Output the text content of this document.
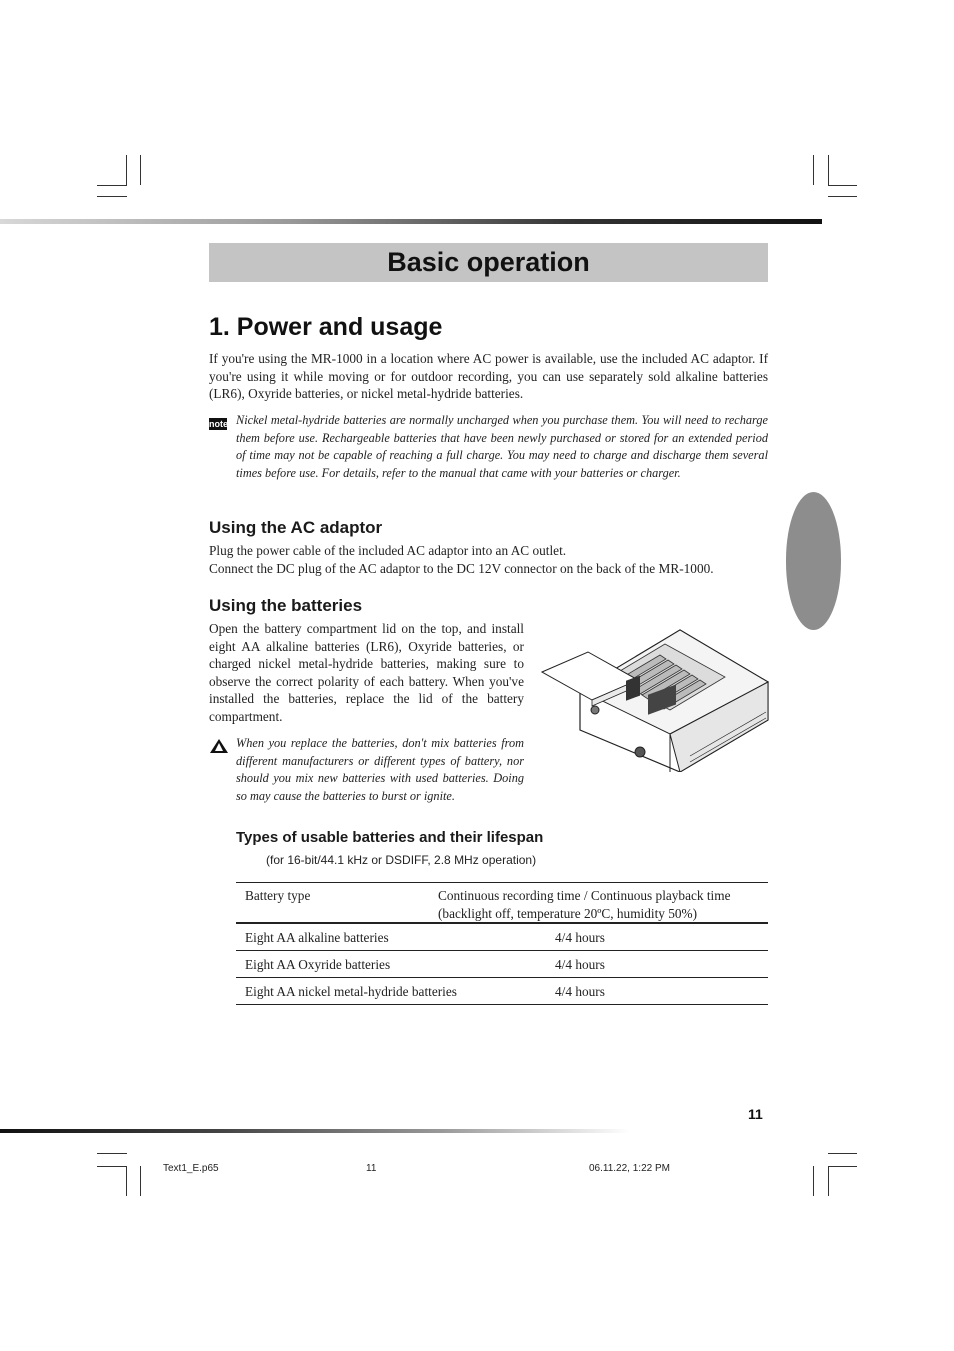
Basic operation
1. Power and usage
If you're using the MR-1000 in a location where AC power is available, use the included AC adaptor. If you're using it while moving or for outdoor recording, you can use separately sold alkaline batteries (LR6), Oxyride batteries, or nickel metal-hydride batteries.
note Nickel metal-hydride batteries are normally uncharged when you purchase them. You will need to recharge them before use. Rechargeable batteries that have been newly purchased or stored for an extended period of time may not be capable of reaching a full charge. You may need to charge and discharge them several times before use. For details, refer to the manual that came with your batteries or charger.
Using the AC adaptor
Plug the power cable of the included AC adaptor into an AC outlet.
Connect the DC plug of the AC adaptor to the DC 12V connector on the back of the MR-1000.
Using the batteries
Open the battery compartment lid on the top, and install eight AA alkaline batteries (LR6), Oxyride batteries, or charged nickel metal-hydride batteries, making sure to observe the correct polarity of each battery. When you've installed the batteries, replace the lid of the battery compartment.
When you replace the batteries, don't mix batteries from different manufacturers or different types of battery, nor should you mix new batteries with used batteries. Doing so may cause the batteries to burst or ignite.
Types of usable batteries and their lifespan
(for 16-bit/44.1 kHz or DSDIFF, 2.8 MHz operation)
Battery type	Continuous recording time / Continuous playback time
(backlight off, temperature 20ºC, humidity 50%)
Eight AA alkaline batteries	4/4 hours
Eight AA Oxyride batteries	4/4 hours
Eight AA nickel metal-hydride batteries	4/4 hours
11
Text1_E.p65	11	06.11.22, 1:22 PM
